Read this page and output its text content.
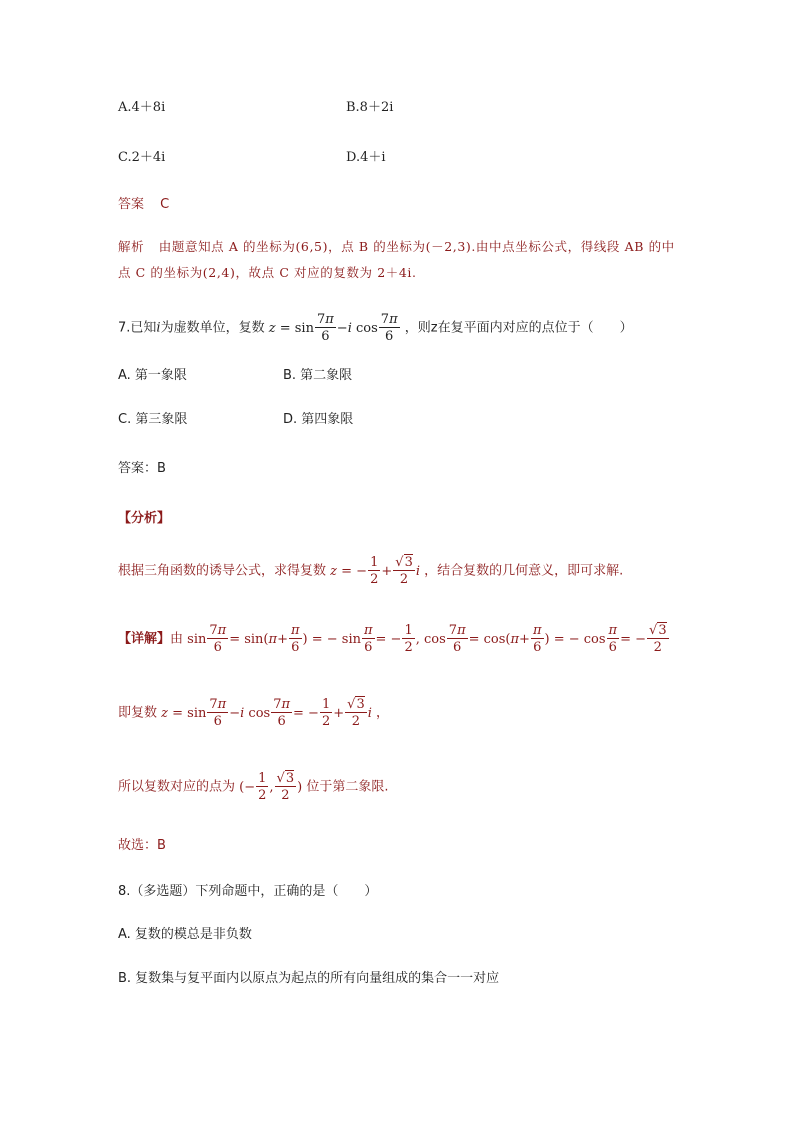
A.4＋8i	B.8＋2i
C.2＋4i	D.4＋i
答案 C
解析 由题意知点 A 的坐标为(6,5)，点 B 的坐标为(－2,3).由中点坐标公式，得线段 AB 的中
点 C 的坐标为(2,4)，故点 C 对应的复数为 2＋4i.
7.已知i为虚数单位，复数 $z = \sin \frac{7\pi}{6} -i$ $\cos \frac{7\pi}{6}$ ，则z在复平面内对应的点位于（　　）
A. 第一象限	B. 第二象限
C. 第三象限	D. 第四象限
答案：B
【分析】
根据三角函数的诱导公式，求得复数 z = − $\frac{1}{2} + \frac{√3}{2}$ i ，结合复数的几何意义，即可求解.
【详解】由 $\sin \frac{7\pi}{6} = \sin(\pi+ \frac{\pi}{6}$ ) = − $\sin \frac{\pi}{6}$ = − $\frac{1}{2}$ , $\cos \frac{7\pi}{6} = \cos(\pi+ \frac{\pi}{6}$ ) = − $\cos \frac{\pi}{6}$ = − $\frac{√3}{2}$
即复数 $z = \sin \frac{7\pi}{6} -i$ $\cos \frac{7\pi}{6}$ = − $\frac{1}{2} + \frac{√3}{2}$ i ，
所以复数对应的点为 (− $\frac{1}{2}$ , $\frac{√3}{2}$ ) 位于第二象限.
故选：B
8.（多选题）下列命题中，正确的是（　　）
A. 复数的模总是非负数
B. 复数集与复平面内以原点为起点的所有向量组成的集合一一对应
